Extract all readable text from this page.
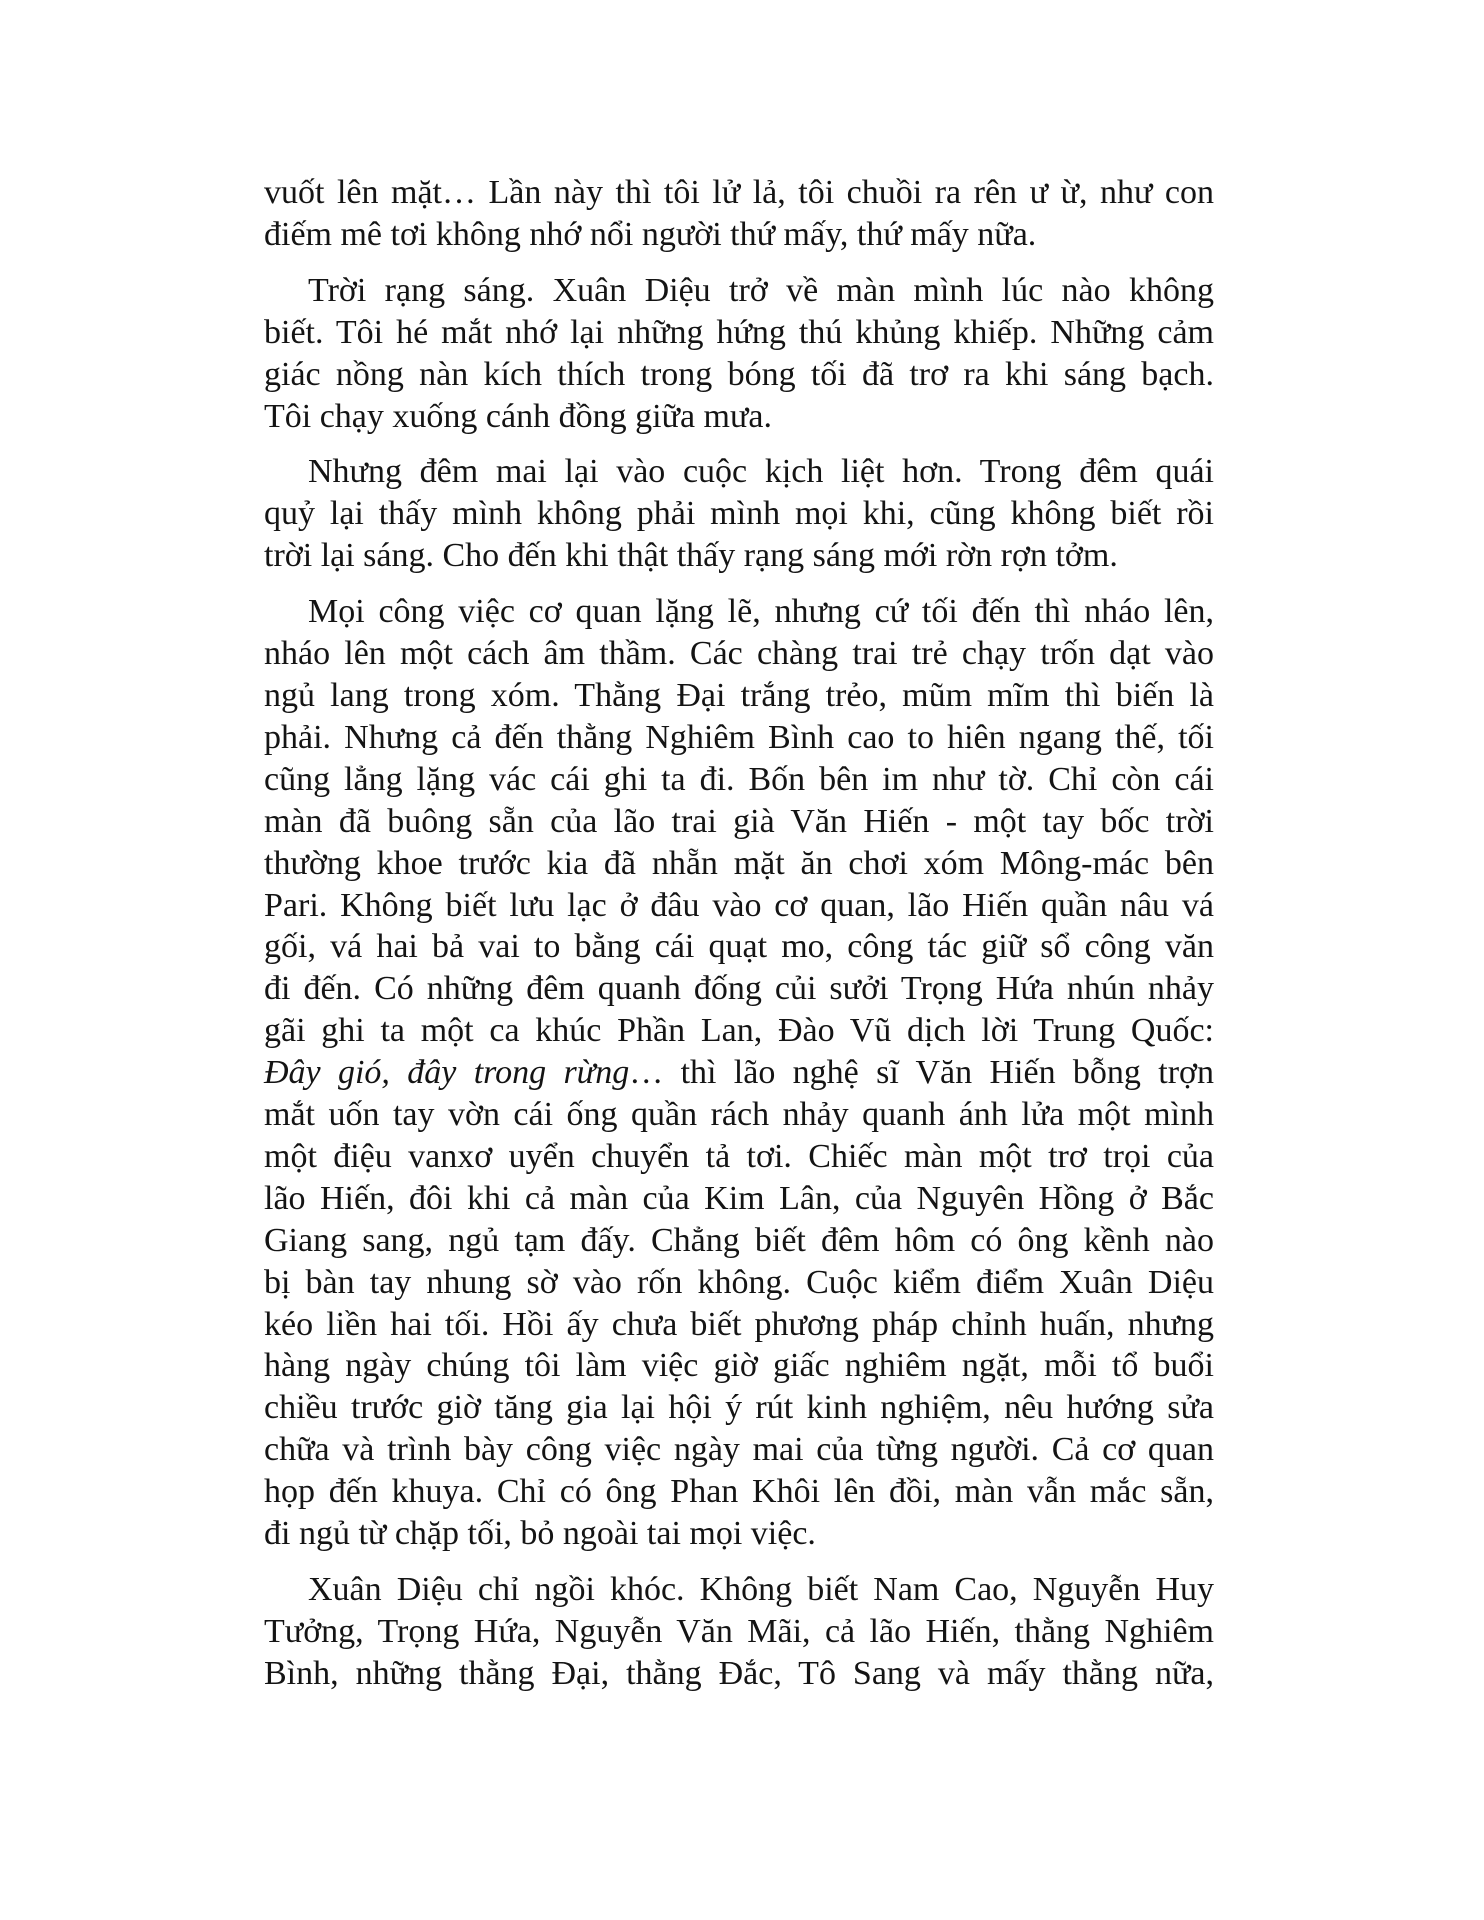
vuốt lên mặt… Lần này thì tôi lử lả, tôi chuồi ra rên ư ừ, như con
điếm mê tơi không nhớ nổi người thứ mấy, thứ mấy nữa.

Trời rạng sáng. Xuân Diệu trở về màn mình lúc nào không
biết. Tôi hé mắt nhớ lại những hứng thú khủng khiếp. Những cảm
giác nồng nàn kích thích trong bóng tối đã trơ ra khi sáng bạch.
Tôi chạy xuống cánh đồng giữa mưa.

Nhưng đêm mai lại vào cuộc kịch liệt hơn. Trong đêm quái
quỷ lại thấy mình không phải mình mọi khi, cũng không biết rồi
trời lại sáng. Cho đến khi thật thấy rạng sáng mới rờn rợn tởm.

Mọi công việc cơ quan lặng lẽ, nhưng cứ tối đến thì nháo lên,
nháo lên một cách âm thầm. Các chàng trai trẻ chạy trốn dạt vào
ngủ lang trong xóm. Thằng Đại trắng trẻo, mũm mĩm thì biến là
phải. Nhưng cả đến thằng Nghiêm Bình cao to hiên ngang thế, tối
cũng lẳng lặng vác cái ghi ta đi. Bốn bên im như tờ. Chỉ còn cái
màn đã buông sẵn của lão trai già Văn Hiến - một tay bốc trời
thường khoe trước kia đã nhẵn mặt ăn chơi xóm Mông-mác bên
Pari. Không biết lưu lạc ở đâu vào cơ quan, lão Hiến quần nâu vá
gối, vá hai bả vai to bằng cái quạt mo, công tác giữ sổ công văn
đi đến. Có những đêm quanh đống củi sưởi Trọng Hứa nhún nhảy
gãi ghi ta một ca khúc Phần Lan, Đào Vũ dịch lời Trung Quốc:
Đây gió, đây trong rừng… thì lão nghệ sĩ Văn Hiến bỗng trợn
mắt uốn tay vờn cái ống quần rách nhảy quanh ánh lửa một mình
một điệu vanxơ uyển chuyển tả tơi. Chiếc màn một trơ trọi của
lão Hiến, đôi khi cả màn của Kim Lân, của Nguyên Hồng ở Bắc
Giang sang, ngủ tạm đấy. Chẳng biết đêm hôm có ông kềnh nào
bị bàn tay nhung sờ vào rốn không. Cuộc kiểm điểm Xuân Diệu
kéo liền hai tối. Hồi ấy chưa biết phương pháp chỉnh huấn, nhưng
hàng ngày chúng tôi làm việc giờ giấc nghiêm ngặt, mỗi tổ buổi
chiều trước giờ tăng gia lại hội ý rút kinh nghiệm, nêu hướng sửa
chữa và trình bày công việc ngày mai của từng người. Cả cơ quan
họp đến khuya. Chỉ có ông Phan Khôi lên đồi, màn vẫn mắc sẵn,
đi ngủ từ chặp tối, bỏ ngoài tai mọi việc.

Xuân Diệu chỉ ngồi khóc. Không biết Nam Cao, Nguyễn Huy
Tưởng, Trọng Hứa, Nguyễn Văn Mãi, cả lão Hiến, thằng Nghiêm
Bình, những thằng Đại, thằng Đắc, Tô Sang và mấy thằng nữa,
